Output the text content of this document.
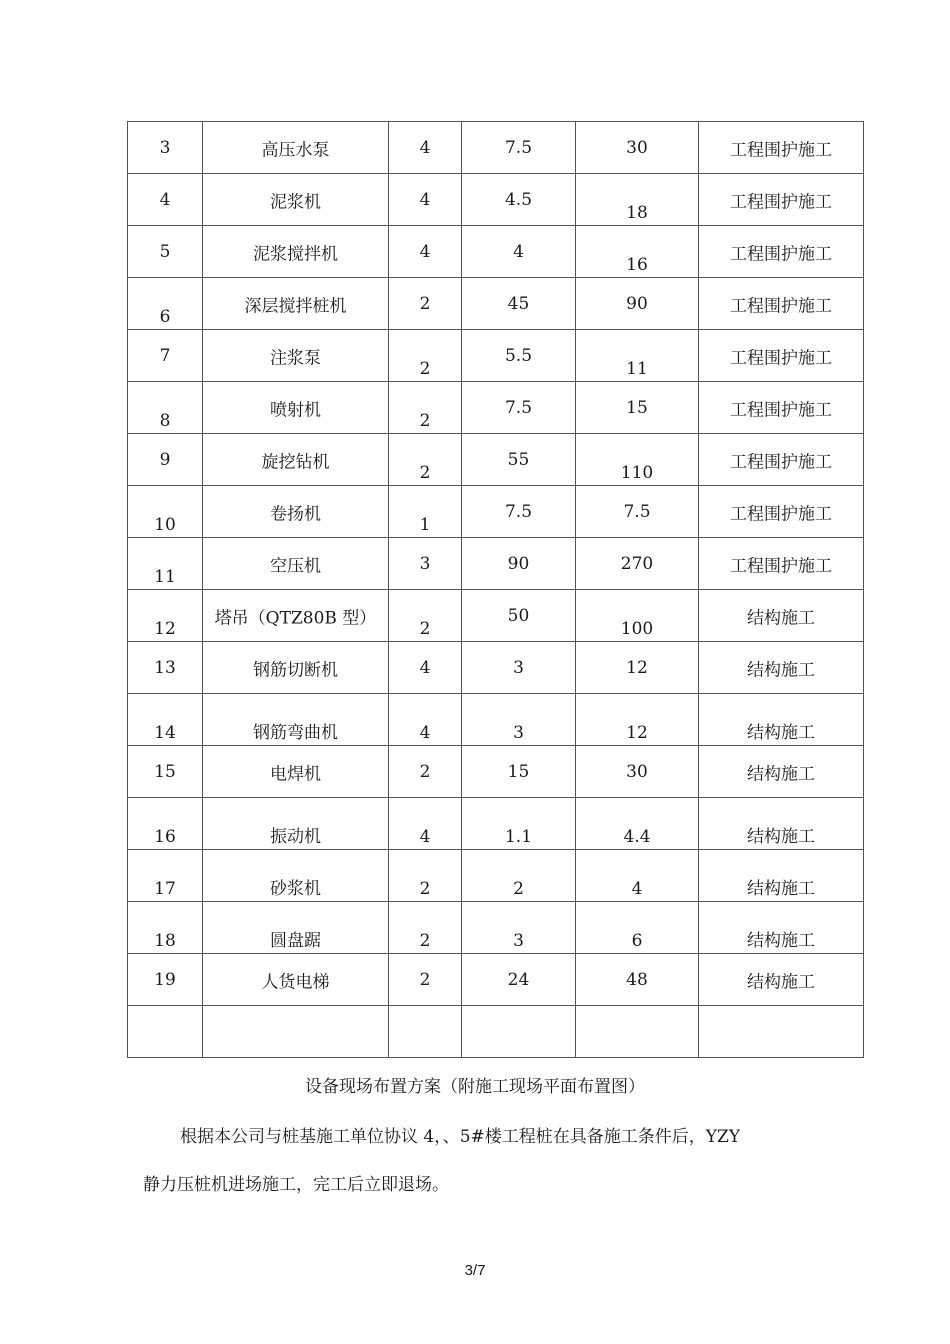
3	高压水泵	4	7.5	30	工程围护施工

4	泥浆机	4	4.5	18	工程围护施工

5	泥浆搅拌机	4	4	16	工程围护施工

6	深层搅拌桩机	2	45	90	工程围护施工

7	注浆泵	2	5.5	11	工程围护施工

8	喷射机	2	7.5	15	工程围护施工

9	旋挖钻机	2	55	110	工程围护施工

10	卷扬机	1	7.5	7.5	工程围护施工

11	空压机	3	90	270	工程围护施工

12	塔吊（QTZ80B 型）	2	50	100	结构施工

13	钢筋切断机	4	3	12	结构施工

14	钢筋弯曲机	4	3	12	结构施工

15	电焊机	2	15	30	结构施工

16	振动机	4	1.1	4.4	结构施工

17	砂浆机	2	2	4	结构施工

18	圆盘踞	2	3	6	结构施工

19	人货电梯	2	24	48	结构施工

设备现场布置方案（附施工现场平面布置图）
根据本公司与桩基施工单位协议 4，、5#楼工程桩在具备施工条件后，YZY
静力压桩机进场施工，完工后立即退场。
3/7
